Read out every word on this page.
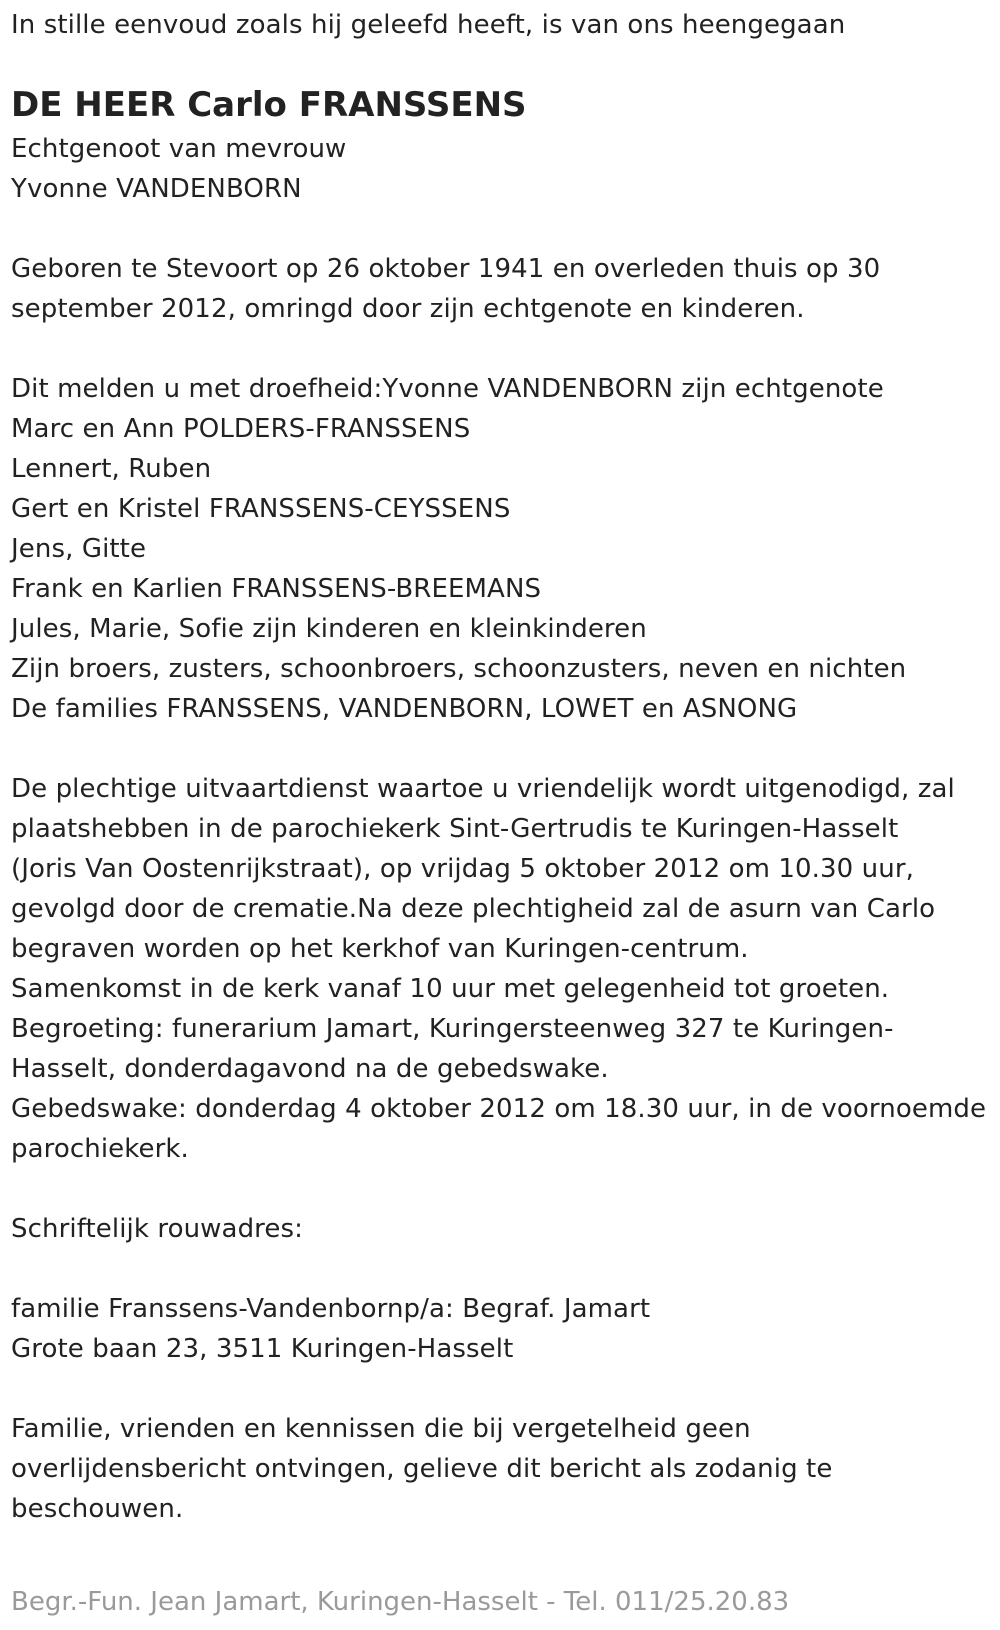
In stille eenvoud zoals hij geleefd heeft, is van ons heengegaan
DE HEER Carlo FRANSSENS
Echtgenoot van mevrouw
Yvonne VANDENBORN
Geboren te Stevoort op 26 oktober 1941 en overleden thuis op 30
september 2012, omringd door zijn echtgenote en kinderen.
Dit melden u met droefheid:Yvonne VANDENBORN zijn echtgenote
Marc en Ann POLDERS-FRANSSENS
Lennert, Ruben
Gert en Kristel FRANSSENS-CEYSSENS
Jens, Gitte
Frank en Karlien FRANSSENS-BREEMANS
Jules, Marie, Sofie zijn kinderen en kleinkinderen
Zijn broers, zusters, schoonbroers, schoonzusters, neven en nichten
De families FRANSSENS, VANDENBORN, LOWET en ASNONG
De plechtige uitvaartdienst waartoe u vriendelijk wordt uitgenodigd, zal
plaatshebben in de parochiekerk Sint-Gertrudis te Kuringen-Hasselt
(Joris Van Oostenrijkstraat), op vrijdag 5 oktober 2012 om 10.30 uur,
gevolgd door de crematie.Na deze plechtigheid zal de asurn van Carlo
begraven worden op het kerkhof van Kuringen-centrum.
Samenkomst in de kerk vanaf 10 uur met gelegenheid tot groeten.
Begroeting: funerarium Jamart, Kuringersteenweg 327 te Kuringen-
Hasselt, donderdagavond na de gebedswake.
Gebedswake: donderdag 4 oktober 2012 om 18.30 uur, in de voornoemde
parochiekerk.
Schriftelijk rouwadres:
familie Franssens-Vandenbornp/a: Begraf. Jamart
Grote baan 23, 3511 Kuringen-Hasselt
Familie, vrienden en kennissen die bij vergetelheid geen
overlijdensbericht ontvingen, gelieve dit bericht als zodanig te
beschouwen.
Begr.-Fun. Jean Jamart, Kuringen-Hasselt - Tel. 011/25.20.83
